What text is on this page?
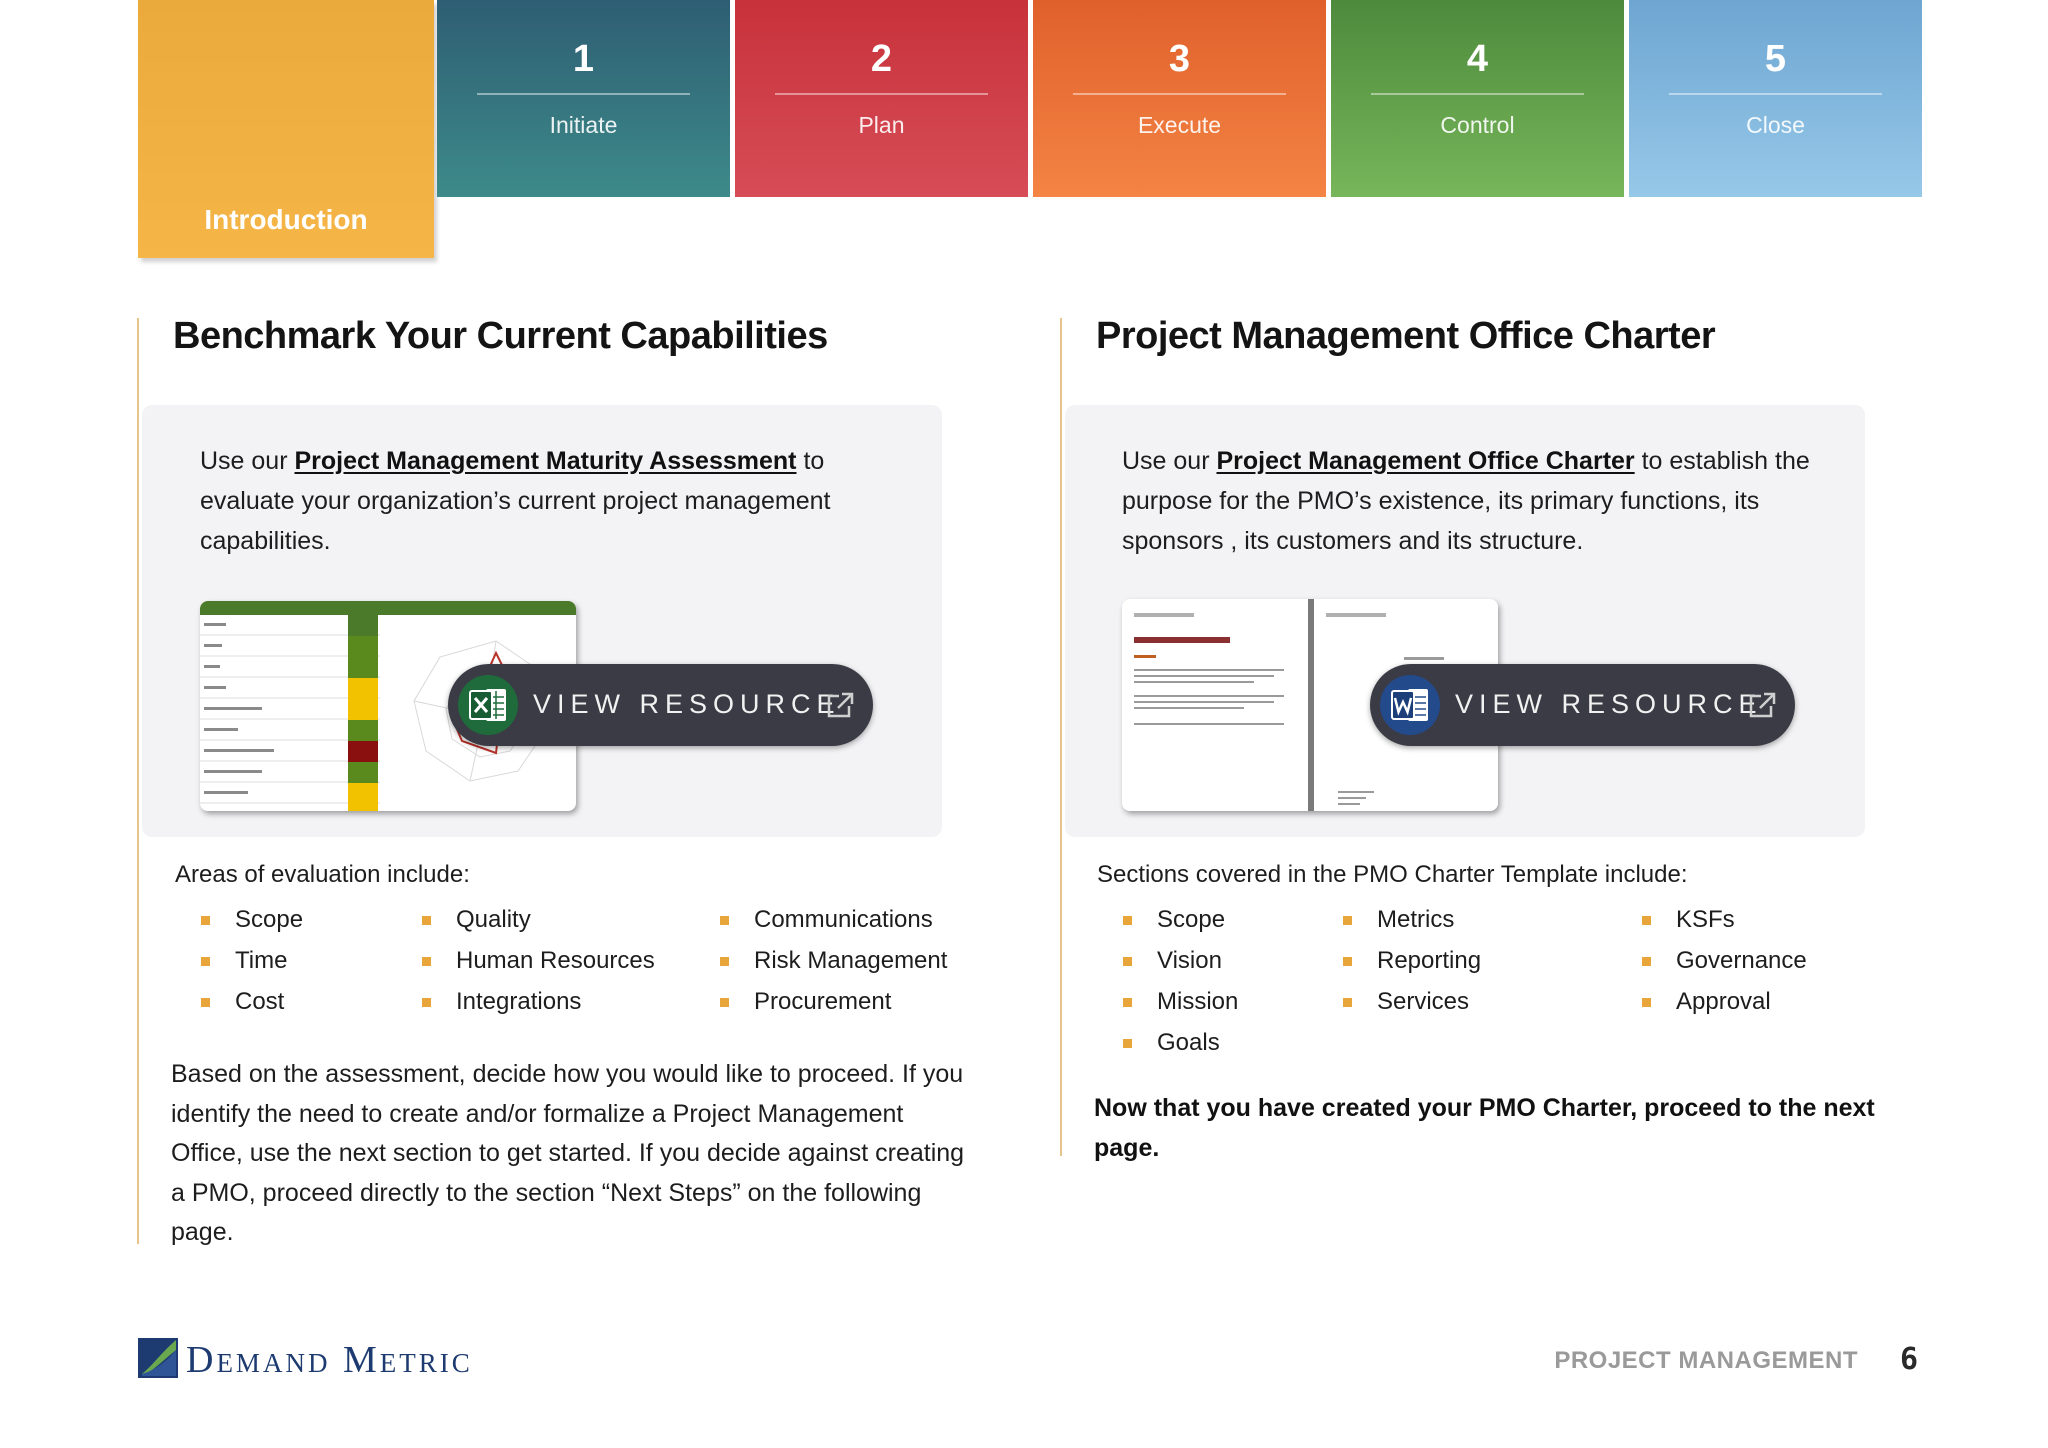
Introduction
1
Initiate
2
Plan
3
Execute
4
Control
5
Close
Benchmark Your Current Capabilities
Use our Project Management Maturity Assessment to evaluate your organization’s current project management capabilities.
VIEW RESOURCE
Areas of evaluation include:
Scope
Time
Cost
Quality
Human Resources
Integrations
Communications
Risk Management
Procurement
Based on the assessment, decide how you would like to proceed. If you identify the need to create and/or formalize a Project Management Office, use the next section to get started. If you decide against creating a PMO, proceed directly to the section “Next Steps” on the following page.
Project Management Office Charter
Use our Project Management Office Charter to establish the purpose for the PMO’s existence, its primary functions, its sponsors , its customers and its structure.
VIEW RESOURCE
Sections covered in the PMO Charter Template include:
Scope
Vision
Mission
Goals
Metrics
Reporting
Services
KSFs
Governance
Approval
Now that you have created your PMO Charter, proceed to the next page.
Demand Metric	PROJECT MANAGEMENT 6
